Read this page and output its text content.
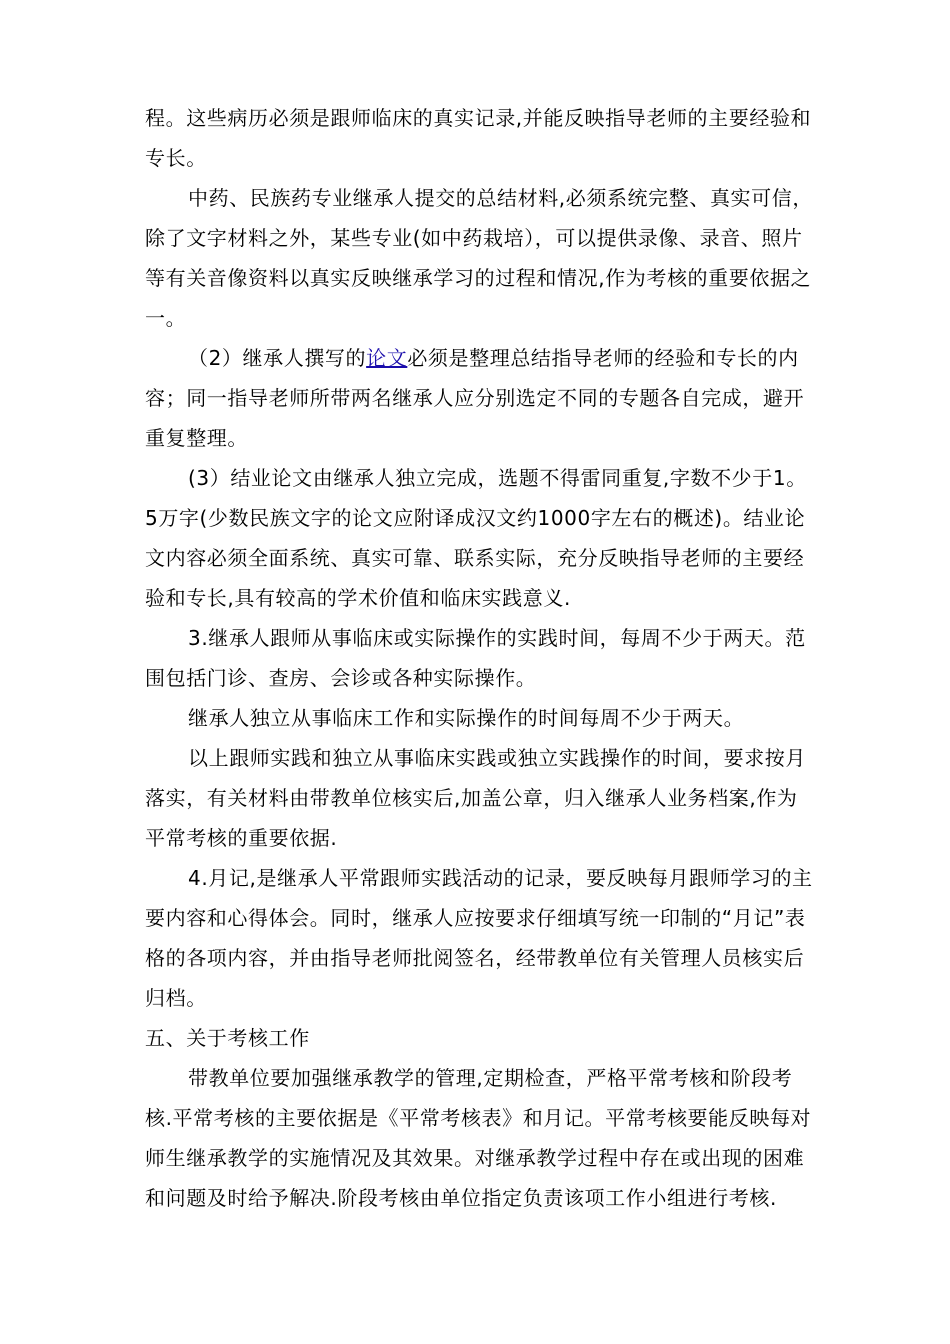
程。这些病历必须是跟师临床的真实记录,并能反映指导老师的主要经验和专长。

中药、民族药专业继承人提交的总结材料,必须系统完整、真实可信，除了文字材料之外，某些专业(如中药栽培），可以提供录像、录音、照片等有关音像资料以真实反映继承学习的过程和情况,作为考核的重要依据之一。

（2）继承人撰写的论文必须是整理总结指导老师的经验和专长的内容；同一指导老师所带两名继承人应分别选定不同的专题各自完成，避开重复整理。

(3）结业论文由继承人独立完成，选题不得雷同重复,字数不少于1。5万字(少数民族文字的论文应附译成汉文约1000字左右的概述)。结业论文内容必须全面系统、真实可靠、联系实际，充分反映指导老师的主要经验和专长,具有较高的学术价值和临床实践意义.

3.继承人跟师从事临床或实际操作的实践时间，每周不少于两天。范围包括门诊、查房、会诊或各种实际操作。

继承人独立从事临床工作和实际操作的时间每周不少于两天。

以上跟师实践和独立从事临床实践或独立实践操作的时间，要求按月落实，有关材料由带教单位核实后,加盖公章，归入继承人业务档案,作为平常考核的重要依据.

4.月记,是继承人平常跟师实践活动的记录，要反映每月跟师学习的主要内容和心得体会。同时，继承人应按要求仔细填写统一印制的“月记”表格的各项内容，并由指导老师批阅签名，经带教单位有关管理人员核实后归档。

五、关于考核工作

带教单位要加强继承教学的管理,定期检查，严格平常考核和阶段考核.平常考核的主要依据是《平常考核表》和月记。平常考核要能反映每对师生继承教学的实施情况及其效果。对继承教学过程中存在或出现的困难和问题及时给予解决.阶段考核由单位指定负责该项工作小组进行考核.
